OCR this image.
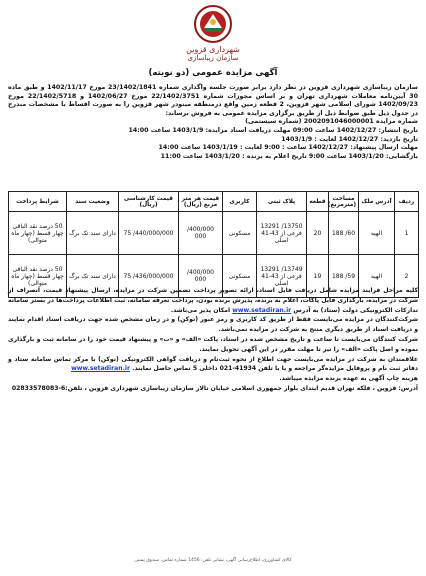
شهرداری قزوین
سازمان زیباسازی
آگهی مزایده عمومی (دو نوبته)

سازمان زیباسازی شهرداری قزوین در نظر دارد برابر صورت جلسه واگذاری شماره 23/1402/1841 مورخ 1402/11/17 و طبق ماده 30 آیین‌نامه معاملات شهرداری تهران و بر اساس مجوزات شماره 22/1402/3751 مورخ 1402/06/27 و 22/1402/5718 مورخ 1402/09/23 شورای اسلامی شهر قزوین، 2 قطعه زمین واقع درمنطقه مینودر شهر قزوین را به صورت اقساط با مشخصات مندرج در جدول ذیل طبق ضوابط ذیل از طریق برگزاری مزایده عمومی به فروش برساند:

شماره مزایده 2002091046000001 (شماره سیستمی)

تاریخ انتشار: 1402/12/27 ساعت 09:00 مهلت دریافت اسناد مزایده: 1403/1/9 ساعت 14:00

تاریخ بازدید: 1402/12/27 لغایت : 1403/1/9

مهلت ارسال پیشنهاد: 1402/12/27 ساعت : 9:00 لغایت : 1403/1/19 ساعت 14:00

بازگشایی: 1403/1/20 ساعت 9:00 تاریخ اعلام به برنده : 1403/1/20 ساعت 11:00

ردیف	آدرس ملک	مساحت (مترمربع)	قطعه	پلاک ثبتی	کاربری	قیمت هر متر مربع (ریال)	قیمت کارشناسی (ریال)	وضعیت سند	شرایط پرداخت
1	الهیه	60/ 188	20	13750/ 13291 فرعی از 43-41 اصلی	مسکونی	400/000/ 000	440/000/000/ 75	دارای سند تک برگ	50 درصد نقد الباقی چهار قسط (چهار ماه متوالی)
2	الهیه	59/ 188	19	13749/ 13291 فرعی از 43-41 اصلی	مسکونی	400/000/ 000	436/000/000/ 75	دارای سند تک برگ	50 درصد نقد الباقی چهار قسط (چهار ماه متوالی)

کلیه مراحل فرایند مزایده شامل دریافت فایل اسناد، ارائه تصویر پرداخت تضمین شرکت در مزایده، ارسال پیشنهاد قیمت، انصراف از شرکت در مزایده، بارگذاری فایل پاکات، اعلام به برنده، پذیرش برنده بودن، پرداخت تعرفه سامانه، ثبت اطلاعات پرداخت‌ها در بستر سامانه تدارکات الکترونیکی دولت (ستاد) به آدرس www.setadiran.ir امکان پذیر می‌باشد.

شرکت‌کنندگان در مزایده می‌بایست فقط از طریق کد کاربری و رمز عبور (توکن) و در زمان مشخص شده جهت دریافت اسناد اقدام نمایند و دریافت اسناد از طریق دیگری منتج به شرکت در مزایده نمی‌باشد.

شرکت کنندگان می‌بایست تا ساعت و تاریخ مشخص شده در اسناد، پاکت «الف» و «ب» و پیشنهاد قیمت خود را در سامانه ثبت و بارگذاری نموده و اصل پاکت «الف» را نیز تا مهلت مقرر در این آگهی تحویل نمایند.

علاقمندان به شرکت در مزایده می‌بایست جهت اطلاع از نحوه ثبت‌نام و دریافت گواهی الکترونیکی (توکن) با مرکز تماس سامانه ستاد و دفاتر ثبت نام و پروفایل مزایده‌گر مراجعه و یا با تلفن 41934-021 داخلی 5 تماس حاصل نمایند. www.setadiran.ir

هزینه چاپ آگهی به عهده برنده مزایده میباشد.

آدرس: قزوین ، فلکه تهران قدیم ابتدای بلوار جمهوری اسلامی خیابان تالار سازمان زیباسازی شهرداری قزوین ، تلفن:6-02833578083

کالای کشاورزی، اطلاع‌رسانی آگهی، نشانی تلفن: 1456 شماره تماس، صندوق پستی
